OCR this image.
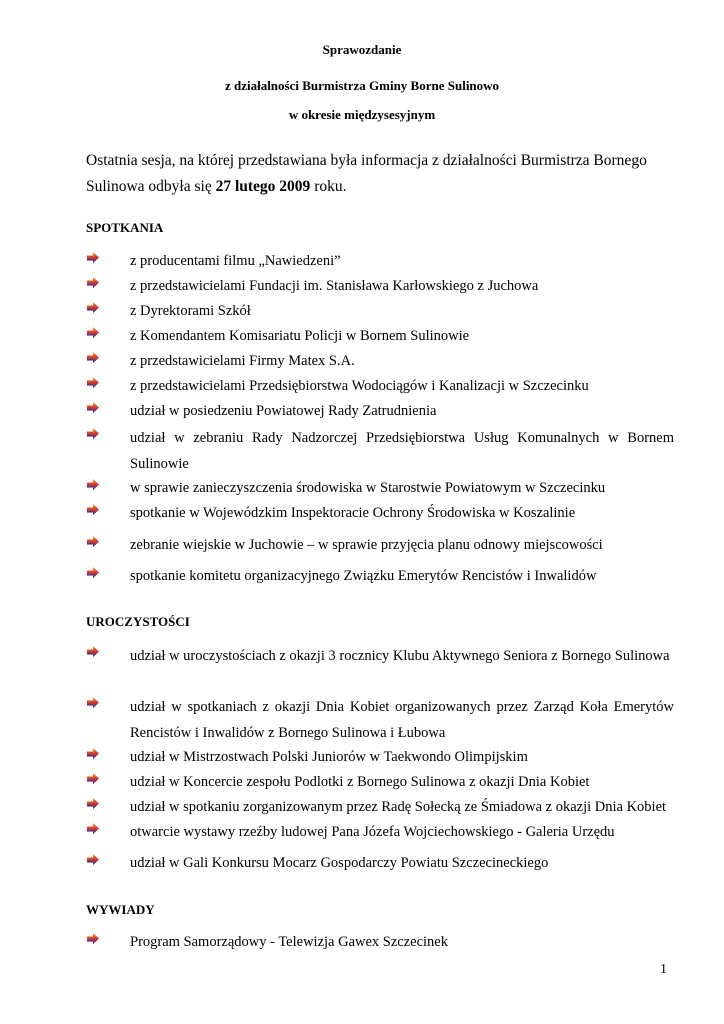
Sprawozdanie
z działalności Burmistrza Gminy Borne Sulinowo
w okresie międzysesyjnym
Ostatnia sesja, na której przedstawiana była informacja z działalności Burmistrza Bornego Sulinowa odbyła się 27 lutego 2009 roku.
SPOTKANIA
z producentami filmu „Nawiedzeni”
z przedstawicielami Fundacji im. Stanisława Karłowskiego z Juchowa
z Dyrektorami Szkół
z Komendantem Komisariatu Policji w Bornem Sulinowie
z przedstawicielami Firmy Matex S.A.
z przedstawicielami Przedsiębiorstwa Wodociągów i Kanalizacji w Szczecinku
udział w posiedzeniu Powiatowej Rady Zatrudnienia
udział w zebraniu Rady Nadzorczej Przedsiębiorstwa Usług Komunalnych w Bornem Sulinowie
w sprawie zanieczyszczenia środowiska w Starostwie Powiatowym w Szczecinku
spotkanie w Wojewódzkim Inspektoracie Ochrony Środowiska w Koszalinie
zebranie wiejskie w Juchowie – w sprawie przyjęcia planu odnowy miejscowości
spotkanie komitetu organizacyjnego Związku Emerytów Rencistów i Inwalidów
UROCZYSTOŚCI
udział w uroczystościach z okazji 3 rocznicy Klubu Aktywnego Seniora z Bornego Sulinowa
udział w spotkaniach z okazji Dnia Kobiet organizowanych przez Zarząd Koła Emerytów Rencistów i Inwalidów z Bornego Sulinowa i Łubowa
udział w Mistrzostwach Polski Juniorów w Taekwondo Olimpijskim
udział w Koncercie zespołu Podlotki z Bornego Sulinowa z okazji Dnia Kobiet
udział w spotkaniu zorganizowanym przez Radę Sołecką ze Śmiadowa z okazji Dnia Kobiet
otwarcie wystawy rzeźby ludowej Pana Józefa Wojciechowskiego - Galeria Urzędu
udział w Gali Konkursu Mocarz Gospodarczy Powiatu Szczecineckiego
WYWIADY
Program Samorządowy - Telewizja Gawex Szczecinek
1
